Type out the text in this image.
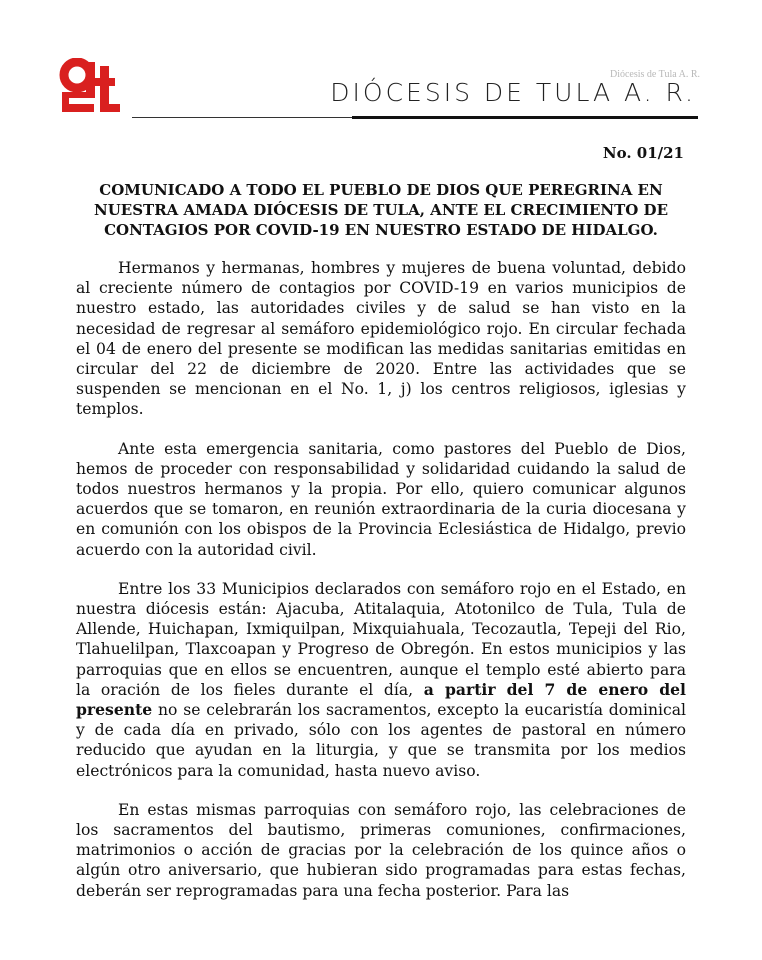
Diócesis de Tula A. R.
DIÓCESIS DE TULA A. R.
No. 01/21
COMUNICADO A TODO EL PUEBLO DE DIOS QUE PEREGRINA EN NUESTRA AMADA DIÓCESIS DE TULA, ANTE EL CRECIMIENTO DE CONTAGIOS POR COVID-19 EN NUESTRO ESTADO DE HIDALGO.

Hermanos y hermanas, hombres y mujeres de buena voluntad, debido al creciente número de contagios por COVID-19 en varios municipios de nuestro estado, las autoridades civiles y de salud se han visto en la necesidad de regresar al semáforo epidemiológico rojo. En circular fechada el 04 de enero del presente se modifican las medidas sanitarias emitidas en circular del 22 de diciembre de 2020. Entre las actividades que se suspenden se mencionan en el No. 1, j) los centros religiosos, iglesias y templos.

Ante esta emergencia sanitaria, como pastores del Pueblo de Dios, hemos de proceder con responsabilidad y solidaridad cuidando la salud de todos nuestros hermanos y la propia. Por ello, quiero comunicar algunos acuerdos que se tomaron, en reunión extraordinaria de la curia diocesana y en comunión con los obispos de la Provincia Eclesiástica de Hidalgo, previo acuerdo con la autoridad civil.

Entre los 33 Municipios declarados con semáforo rojo en el Estado, en nuestra diócesis están: Ajacuba, Atitalaquia, Atotonilco de Tula, Tula de Allende, Huichapan, Ixmiquilpan, Mixquiahuala, Tecozautla, Tepeji del Rio, Tlahuelilpan, Tlaxcoapan y Progreso de Obregón. En estos municipios y las parroquias que en ellos se encuentren, aunque el templo esté abierto para la oración de los fieles durante el día, a partir del 7 de enero del presente no se celebrarán los sacramentos, excepto la eucaristía dominical y de cada día en privado, sólo con los agentes de pastoral en número reducido que ayudan en la liturgia, y que se transmita por los medios electrónicos para la comunidad, hasta nuevo aviso.

En estas mismas parroquias con semáforo rojo, las celebraciones de los sacramentos del bautismo, primeras comuniones, confirmaciones, matrimonios o acción de gracias por la celebración de los quince años o algún otro aniversario, que hubieran sido programadas para estas fechas, deberán ser reprogramadas para una fecha posterior. Para las
